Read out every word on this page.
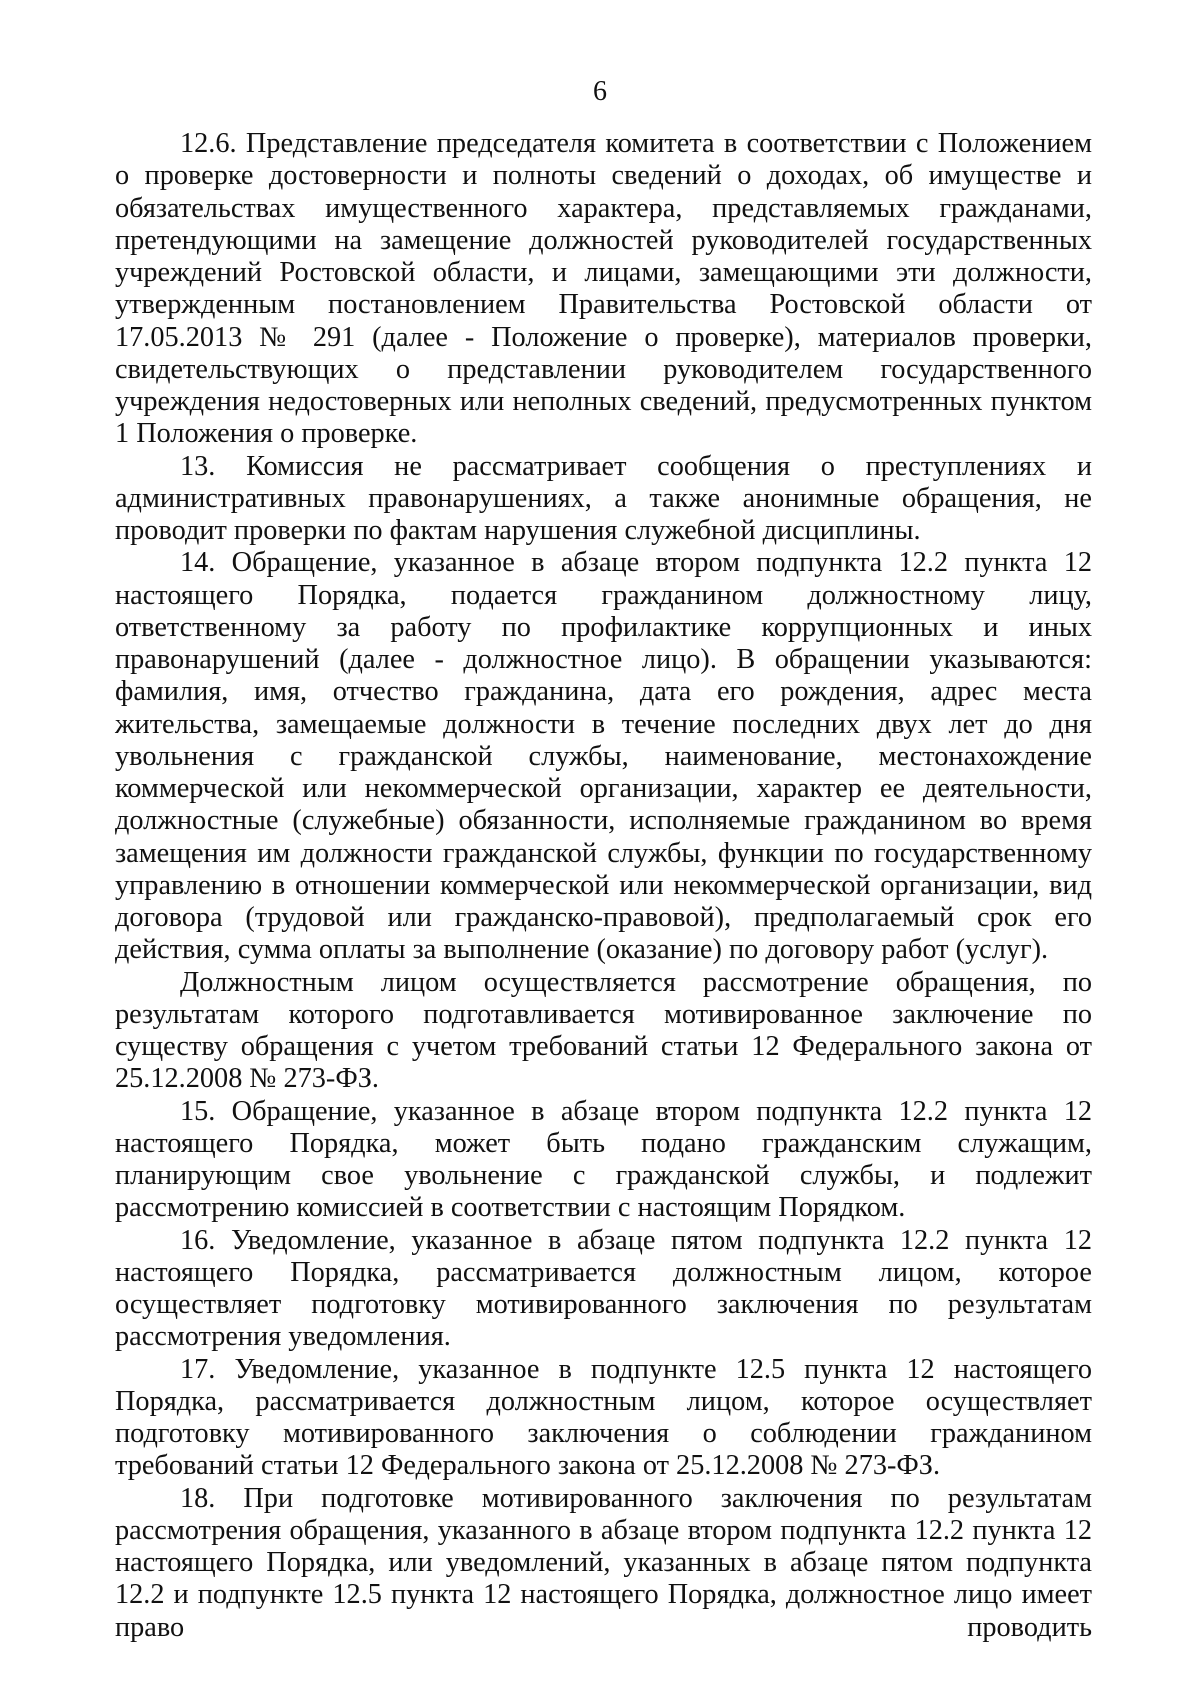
6

12.6. Представление председателя комитета в соответствии с Положением о проверке достоверности и полноты сведений о доходах, об имуществе и обязательствах имущественного характера, представляемых гражданами, претендующими на замещение должностей руководителей государственных учреждений Ростовской области, и лицами, замещающими эти должности, утвержденным постановлением Правительства Ростовской области от 17.05.2013 № 291 (далее - Положение о проверке), материалов проверки, свидетельствующих о представлении руководителем государственного учреждения недостоверных или неполных сведений, предусмотренных пунктом 1 Положения о проверке.

13. Комиссия не рассматривает сообщения о преступлениях и административных правонарушениях, а также анонимные обращения, не проводит проверки по фактам нарушения служебной дисциплины.

14. Обращение, указанное в абзаце втором подпункта 12.2 пункта 12 настоящего Порядка, подается гражданином должностному лицу, ответственному за работу по профилактике коррупционных и иных правонарушений (далее - должностное лицо). В обращении указываются: фамилия, имя, отчество гражданина, дата его рождения, адрес места жительства, замещаемые должности в течение последних двух лет до дня увольнения с гражданской службы, наименование, местонахождение коммерческой или некоммерческой организации, характер ее деятельности, должностные (служебные) обязанности, исполняемые гражданином во время замещения им должности гражданской службы, функции по государственному управлению в отношении коммерческой или некоммерческой организации, вид договора (трудовой или гражданско-правовой), предполагаемый срок его действия, сумма оплаты за выполнение (оказание) по договору работ (услуг).

Должностным лицом осуществляется рассмотрение обращения, по результатам которого подготавливается мотивированное заключение по существу обращения с учетом требований статьи 12 Федерального закона от 25.12.2008 № 273-ФЗ.

15. Обращение, указанное в абзаце втором подпункта 12.2 пункта 12 настоящего Порядка, может быть подано гражданским служащим, планирующим свое увольнение с гражданской службы, и подлежит рассмотрению комиссией в соответствии с настоящим Порядком.

16. Уведомление, указанное в абзаце пятом подпункта 12.2 пункта 12 настоящего Порядка, рассматривается должностным лицом, которое осуществляет подготовку мотивированного заключения по результатам рассмотрения уведомления.

17. Уведомление, указанное в подпункте 12.5 пункта 12 настоящего Порядка, рассматривается должностным лицом, которое осуществляет подготовку мотивированного заключения о соблюдении гражданином требований статьи 12 Федерального закона от 25.12.2008 № 273-ФЗ.

18. При подготовке мотивированного заключения по результатам рассмотрения обращения, указанного в абзаце втором подпункта 12.2 пункта 12 настоящего Порядка, или уведомлений, указанных в абзаце пятом подпункта 12.2 и подпункте 12.5 пункта 12 настоящего Порядка, должностное лицо имеет право проводить
